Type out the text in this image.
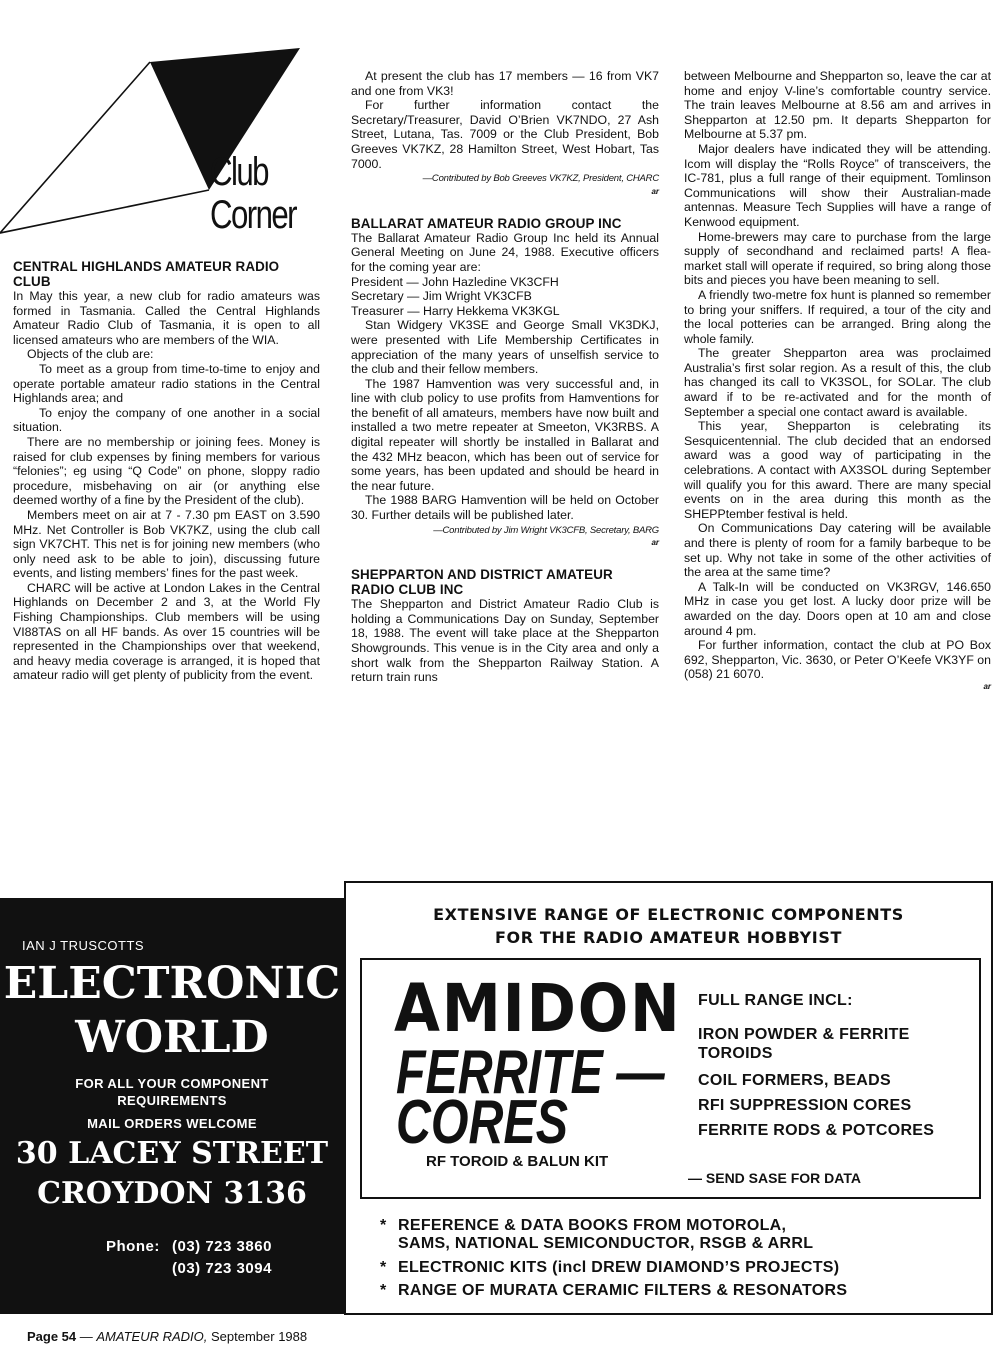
Club
Corner
CENTRAL HIGHLANDS AMATEUR RADIO CLUB

In May this year, a new club for radio amateurs was formed in Tasmania. Called the Central Highlands Amateur Radio Club of Tasmania, it is open to all licensed amateurs who are members of the WIA.

Objects of the club are:

To meet as a group from time-to-time to enjoy and operate portable amateur radio stations in the Central Highlands area; and

To enjoy the company of one another in a social situation.

There are no membership or joining fees. Money is raised for club expenses by fining members for various “felonies”; eg using “Q Code” on phone, sloppy radio procedure, misbehaving on air (or anything else deemed worthy of a fine by the President of the club).

Members meet on air at 7 - 7.30 pm EAST on 3.590 MHz. Net Controller is Bob VK7KZ, using the club call sign VK7CHT. This net is for joining new members (who only need ask to be able to join), discussing future events, and listing members’ fines for the past week.

CHARC will be active at London Lakes in the Central Highlands on December 2 and 3, at the World Fly Fishing Championships. Club members will be using VI88TAS on all HF bands. As over 15 countries will be represented in the Championships over that weekend, and heavy media coverage is arranged, it is hoped that amateur radio will get plenty of publicity from the event.

At present the club has 17 members — 16 from VK7 and one from VK3!

For further information contact the Secretary/Treasurer, David O’Brien VK7NDO, 27 Ash Street, Lutana, Tas. 7009 or the Club President, Bob Greeves VK7KZ, 28 Hamilton Street, West Hobart, Tas 7000.

—Contributed by Bob Greeves VK7KZ, President, CHARC

ar
BALLARAT AMATEUR RADIO GROUP INC

The Ballarat Amateur Radio Group Inc held its Annual General Meeting on June 24, 1988. Executive officers for the coming year are:

President — John Hazledine VK3CFH

Secretary — Jim Wright VK3CFB

Treasurer — Harry Hekkema VK3KGL

Stan Widgery VK3SE and George Small VK3DKJ, were presented with Life Membership Certificates in appreciation of the many years of unselfish service to the club and their fellow members.

The 1987 Hamvention was very successful and, in line with club policy to use profits from Hamventions for the benefit of all amateurs, members have now built and installed a two metre repeater at Smeeton, VK3RBS. A digital repeater will shortly be installed in Ballarat and the 432 MHz beacon, which has been out of service for some years, has been updated and should be heard in the near future.

The 1988 BARG Hamvention will be held on October 30. Further details will be published later.

—Contributed by Jim Wright VK3CFB, Secretary, BARG

ar
SHEPPARTON AND DISTRICT AMATEUR RADIO CLUB INC

The Shepparton and District Amateur Radio Club is holding a Communications Day on Sunday, September 18, 1988. The event will take place at the Shepparton Showgrounds. This venue is in the City area and only a short walk from the Shepparton Railway Station. A return train runs

between Melbourne and Shepparton so, leave the car at home and enjoy V-line’s comfortable country service. The train leaves Melbourne at 8.56 am and arrives in Shepparton at 12.50 pm. It departs Shepparton for Melbourne at 5.37 pm.

Major dealers have indicated they will be attending. Icom will display the “Rolls Royce” of transceivers, the IC-781, plus a full range of their equipment. Tomlinson Communications will show their Australian-made antennas. Measure Tech Supplies will have a range of Kenwood equipment.

Home-brewers may care to purchase from the large supply of secondhand and reclaimed parts! A flea-market stall will operate if required, so bring along those bits and pieces you have been meaning to sell.

A friendly two-metre fox hunt is planned so remember to bring your sniffers. If required, a tour of the city and the local potteries can be arranged. Bring along the whole family.

The greater Shepparton area was proclaimed Australia’s first solar region. As a result of this, the club has changed its call to VK3SOL, for SOLar. The club award if to be re-activated and for the month of September a special one contact award is available.

This year, Shepparton is celebrating its Sesquicentennial. The club decided that an endorsed award was a good way of participating in the celebrations. A contact with AX3SOL during September will qualify you for this award. There are many special events on in the area during this month as the SHEPPtember festival is held.

On Communications Day catering will be available and there is plenty of room for a family barbeque to be set up. Why not take in some of the other activities of the area at the same time?

A Talk-In will be conducted on VK3RGV, 146.650 MHz in case you get lost. A lucky door prize will be awarded on the day. Doors open at 10 am and close around 4 pm.

For further information, contact the club at PO Box 692, Shepparton, Vic. 3630, or Peter O’Keefe VK3YF on (058) 21 6070.

ar
IAN J TRUSCOTTS
ELECTRONIC
WORLD
FOR ALL YOUR COMPONENT
REQUIREMENTS
MAIL ORDERS WELCOME
30 LACEY STREET
CROYDON 3136
Phone: (03) 723 3860
(03) 723 3094
EXTENSIVE RANGE OF ELECTRONIC COMPONENTS
FOR THE RADIO AMATEUR HOBBYIST
AMIDON
FERRITE —
CORES
RF TOROID & BALUN KIT
FULL RANGE INCL:
IRON POWDER & FERRITE
TOROIDS
COIL FORMERS, BEADS
RFI SUPPRESSION CORES
FERRITE RODS & POTCORES
— SEND SASE FOR DATA
* REFERENCE & DATA BOOKS FROM MOTOROLA,
SAMS, NATIONAL SEMICONDUCTOR, RSGB & ARRL
* ELECTRONIC KITS (incl DREW DIAMOND’S PROJECTS)
* RANGE OF MURATA CERAMIC FILTERS & RESONATORS
Page 54 — AMATEUR RADIO, September 1988
